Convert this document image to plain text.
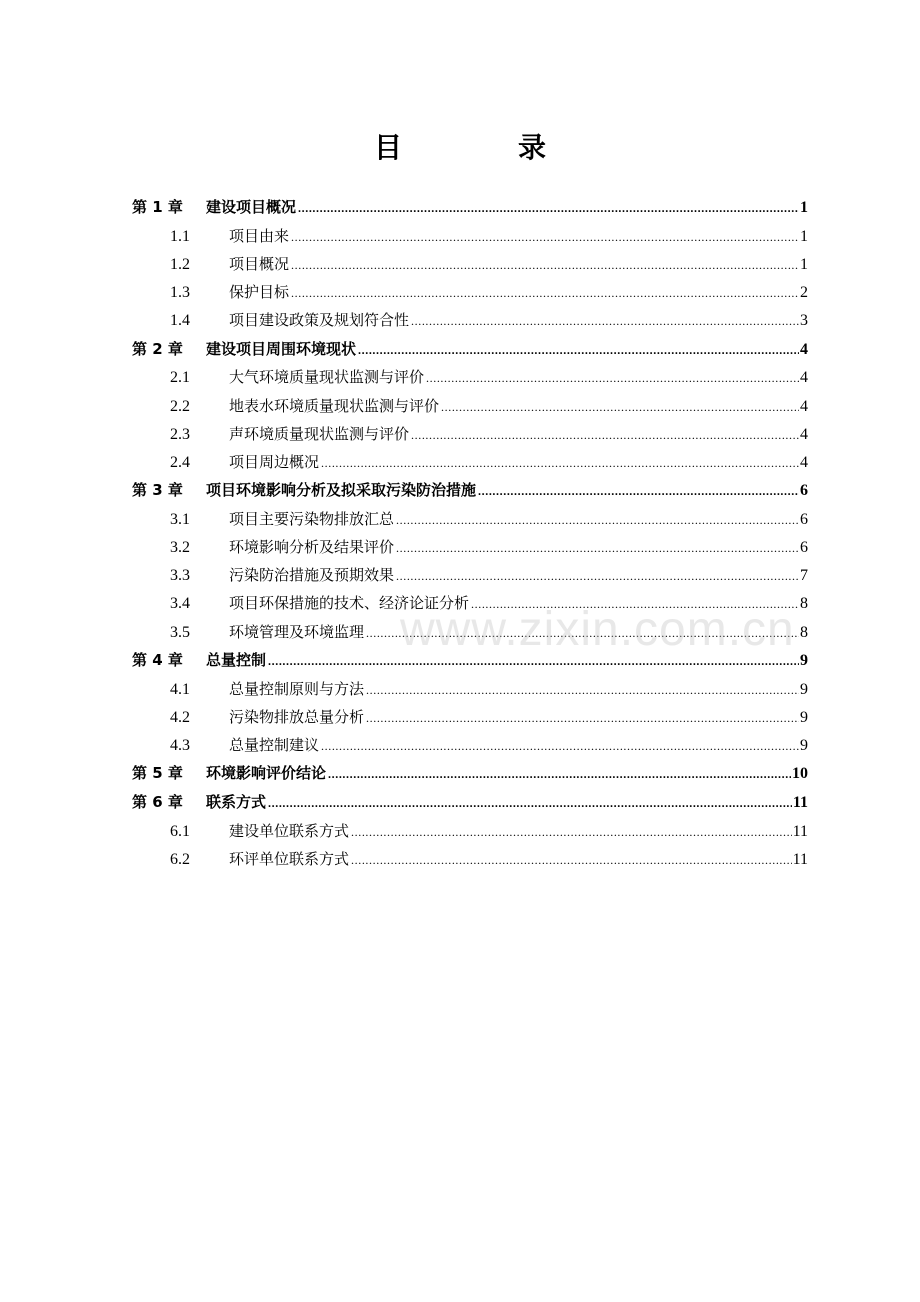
目　录
第 1 章	建设项目概况 .....	1
1.1	项目由来 .....	1
1.2	项目概况 .....	1
1.3	保护目标 .....	2
1.4	项目建设政策及规划符合性 .....	3
第 2 章	建设项目周围环境现状 .....	4
2.1	大气环境质量现状监测与评价 .....	4
2.2	地表水环境质量现状监测与评价 .....	4
2.3	声环境质量现状监测与评价 .....	4
2.4	项目周边概况 .....	4
第 3 章	项目环境影响分析及拟采取污染防治措施 .....	6
3.1	项目主要污染物排放汇总 .....	6
3.2	环境影响分析及结果评价 .....	6
3.3	污染防治措施及预期效果 .....	7
3.4	项目环保措施的技术、经济论证分析 .....	8
3.5	环境管理及环境监理 .....	8
第 4 章	总量控制 .....	9
4.1	总量控制原则与方法 .....	9
4.2	污染物排放总量分析 .....	9
4.3	总量控制建议 .....	9
第 5 章	环境影响评价结论 .....	10
第 6 章	联系方式 .....	11
6.1	建设单位联系方式 .....	11
6.2	环评单位联系方式 .....	11
www.zixin.com.cn
